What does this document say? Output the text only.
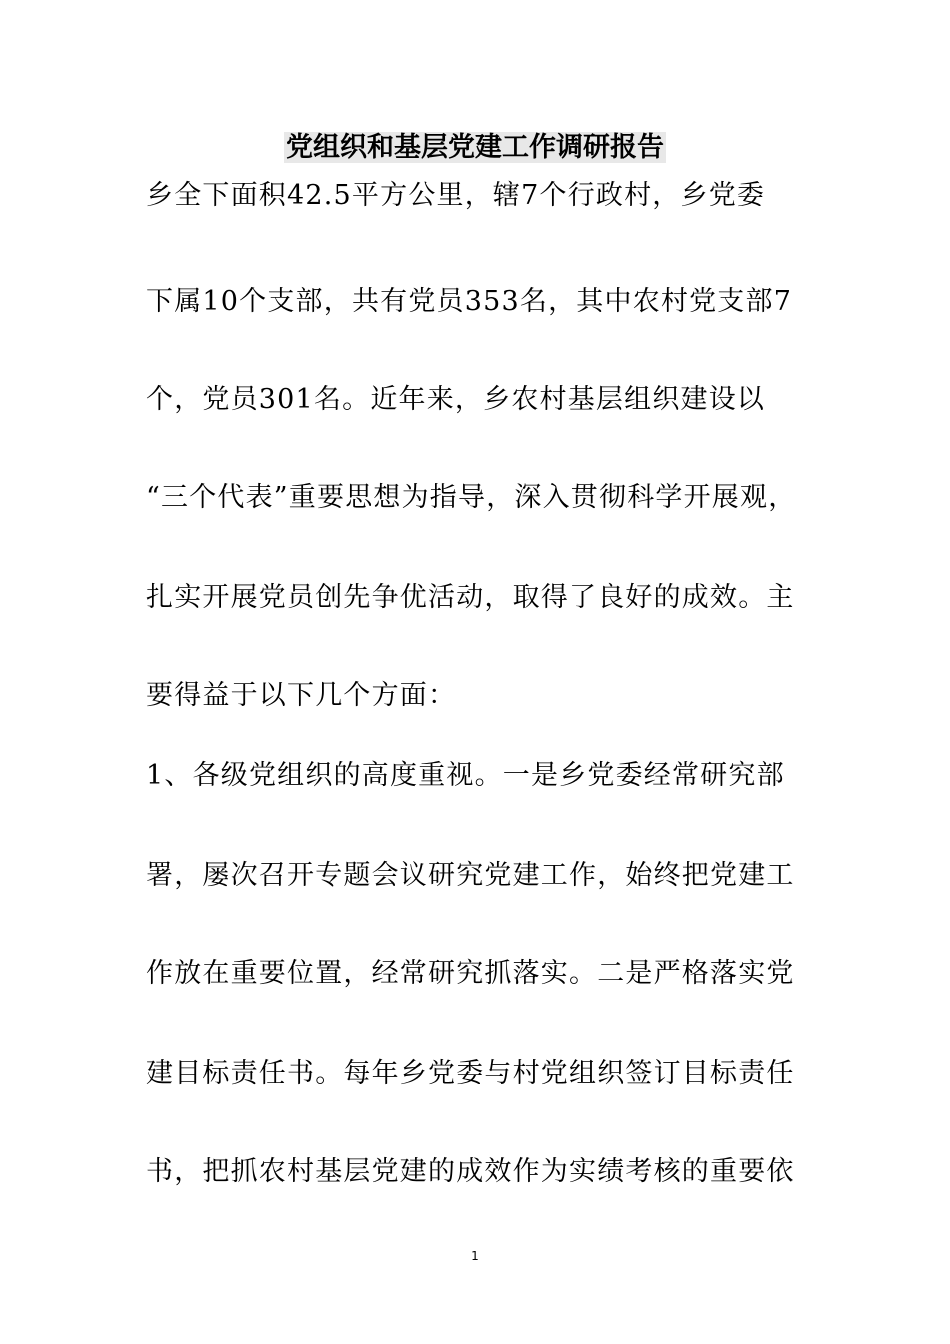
党组织和基层党建工作调研报告
乡全下面积42.5平方公里，辖7个行政村，乡党委
下属10个支部，共有党员353名，其中农村党支部7
个，党员301名。近年来，乡农村基层组织建设以
“三个代表”重要思想为指导，深入贯彻科学开展观，
扎实开展党员创先争优活动，取得了良好的成效。主
要得益于以下几个方面：
1、各级党组织的高度重视。一是乡党委经常研究部
署，屡次召开专题会议研究党建工作，始终把党建工
作放在重要位置，经常研究抓落实。二是严格落实党
建目标责任书。每年乡党委与村党组织签订目标责任
书，把抓农村基层党建的成效作为实绩考核的重要依
1
